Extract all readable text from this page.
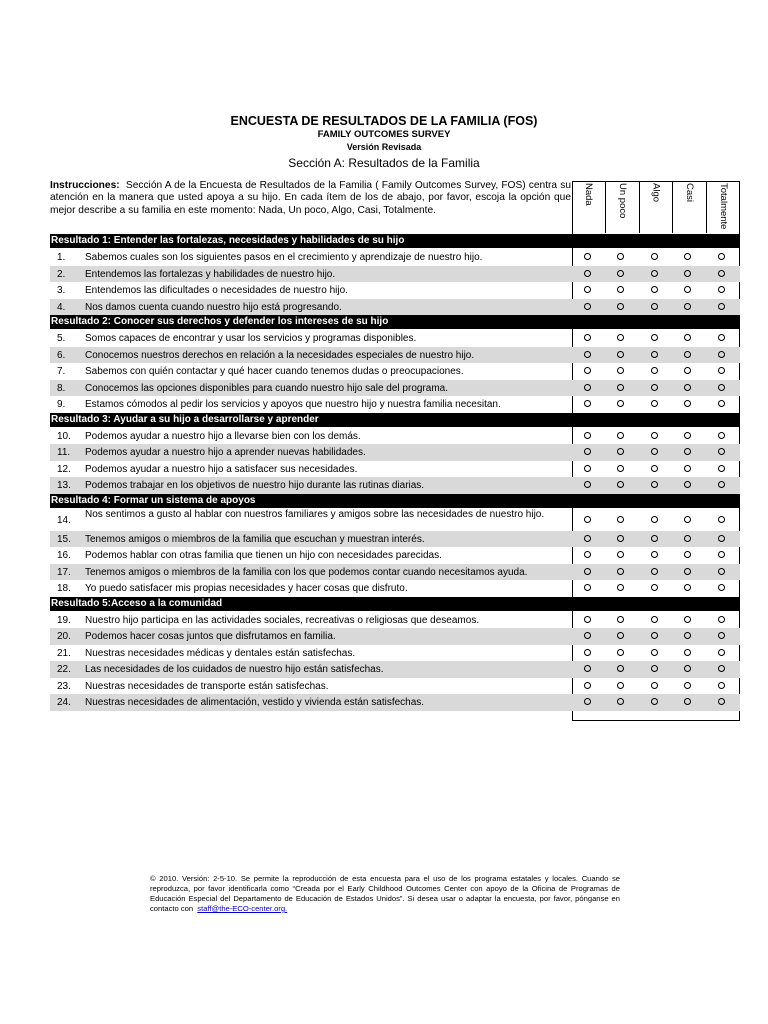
ENCUESTA DE RESULTADOS DE LA FAMILIA (FOS)
FAMILY OUTCOMES SURVEY
Versión Revisada
Sección A: Resultados de la Familia
Instrucciones: Sección A de la Encuesta de Resultados de la Familia ( Family Outcomes Survey, FOS) centra su atención en la manera que usted apoya a su hijo. En cada ítem de los de abajo, por favor, escoja la opción que mejor describe a su familia en este momento: Nada, Un poco, Algo, Casi, Totalmente.
Nada Un poco Algo Casi Totalmente
Resultado 1: Entender las fortalezas, necesidades y habilidades de su hijo
1. Sabemos cuales son los siguientes pasos en el crecimiento y aprendizaje de nuestro hijo.
2. Entendemos las fortalezas y habilidades de nuestro hijo.
3. Entendemos las dificultades o necesidades de nuestro hijo.
4. Nos damos cuenta cuando nuestro hijo está progresando.
Resultado 2: Conocer sus derechos y defender los intereses de su hijo
5. Somos capaces de encontrar y usar los servicios y programas disponibles.
6. Conocemos nuestros derechos en relación a la necesidades especiales de nuestro hijo.
7. Sabemos con quién contactar y qué hacer cuando tenemos dudas o preocupaciones.
8. Conocemos las opciones disponibles para cuando nuestro hijo sale del programa.
9. Estamos cómodos al pedir los servicios y apoyos que nuestro hijo y nuestra familia necesitan.
Resultado 3: Ayudar a su hijo a desarrollarse y aprender
10. Podemos ayudar a nuestro hijo a llevarse bien con los demás.
11. Podemos ayudar a nuestro hijo a aprender nuevas habilidades.
12. Podemos ayudar a nuestro hijo a satisfacer sus necesidades.
13. Podemos trabajar en los objetivos de nuestro hijo durante las rutinas diarias.
Resultado 4: Formar un sistema de apoyos
14.
Nos sentimos a gusto al hablar con nuestros familiares y amigos sobre las necesidades de nuestro hijo.
15. Tenemos amigos o miembros de la familia que escuchan y muestran interés.
16. Podemos hablar con otras familia que tienen un hijo con necesidades parecidas.
17. Tenemos amigos o miembros de la familia con los que podemos contar cuando necesitamos ayuda.
18. Yo puedo satisfacer mis propias necesidades y hacer cosas que disfruto.
Resultado 5:Acceso a la comunidad
19. Nuestro hijo participa en las actividades sociales, recreativas o religiosas que deseamos.
20. Podemos hacer cosas juntos que disfrutamos en familia.
21. Nuestras necesidades médicas y dentales están satisfechas.
22. Las necesidades de los cuidados de nuestro hijo están satisfechas.
23. Nuestras necesidades de transporte están satisfechas.
24. Nuestras necesidades de alimentación, vestido y vivienda están satisfechas.
© 2010. Versión: 2-5-10. Se permite la reproducción de esta encuesta para el uso de los programa estatales y locales. Cuando se reproduzca, por favor identificarla como “Creada por el Early Childhood Outcomes Center con apoyo de la Oficina de Programas de Educación Especial del Departamento de Educación de Estados Unidos”. Si desea usar o adaptar la encuesta, por favor, pónganse en contacto con staff@the-ECO-center.org.
